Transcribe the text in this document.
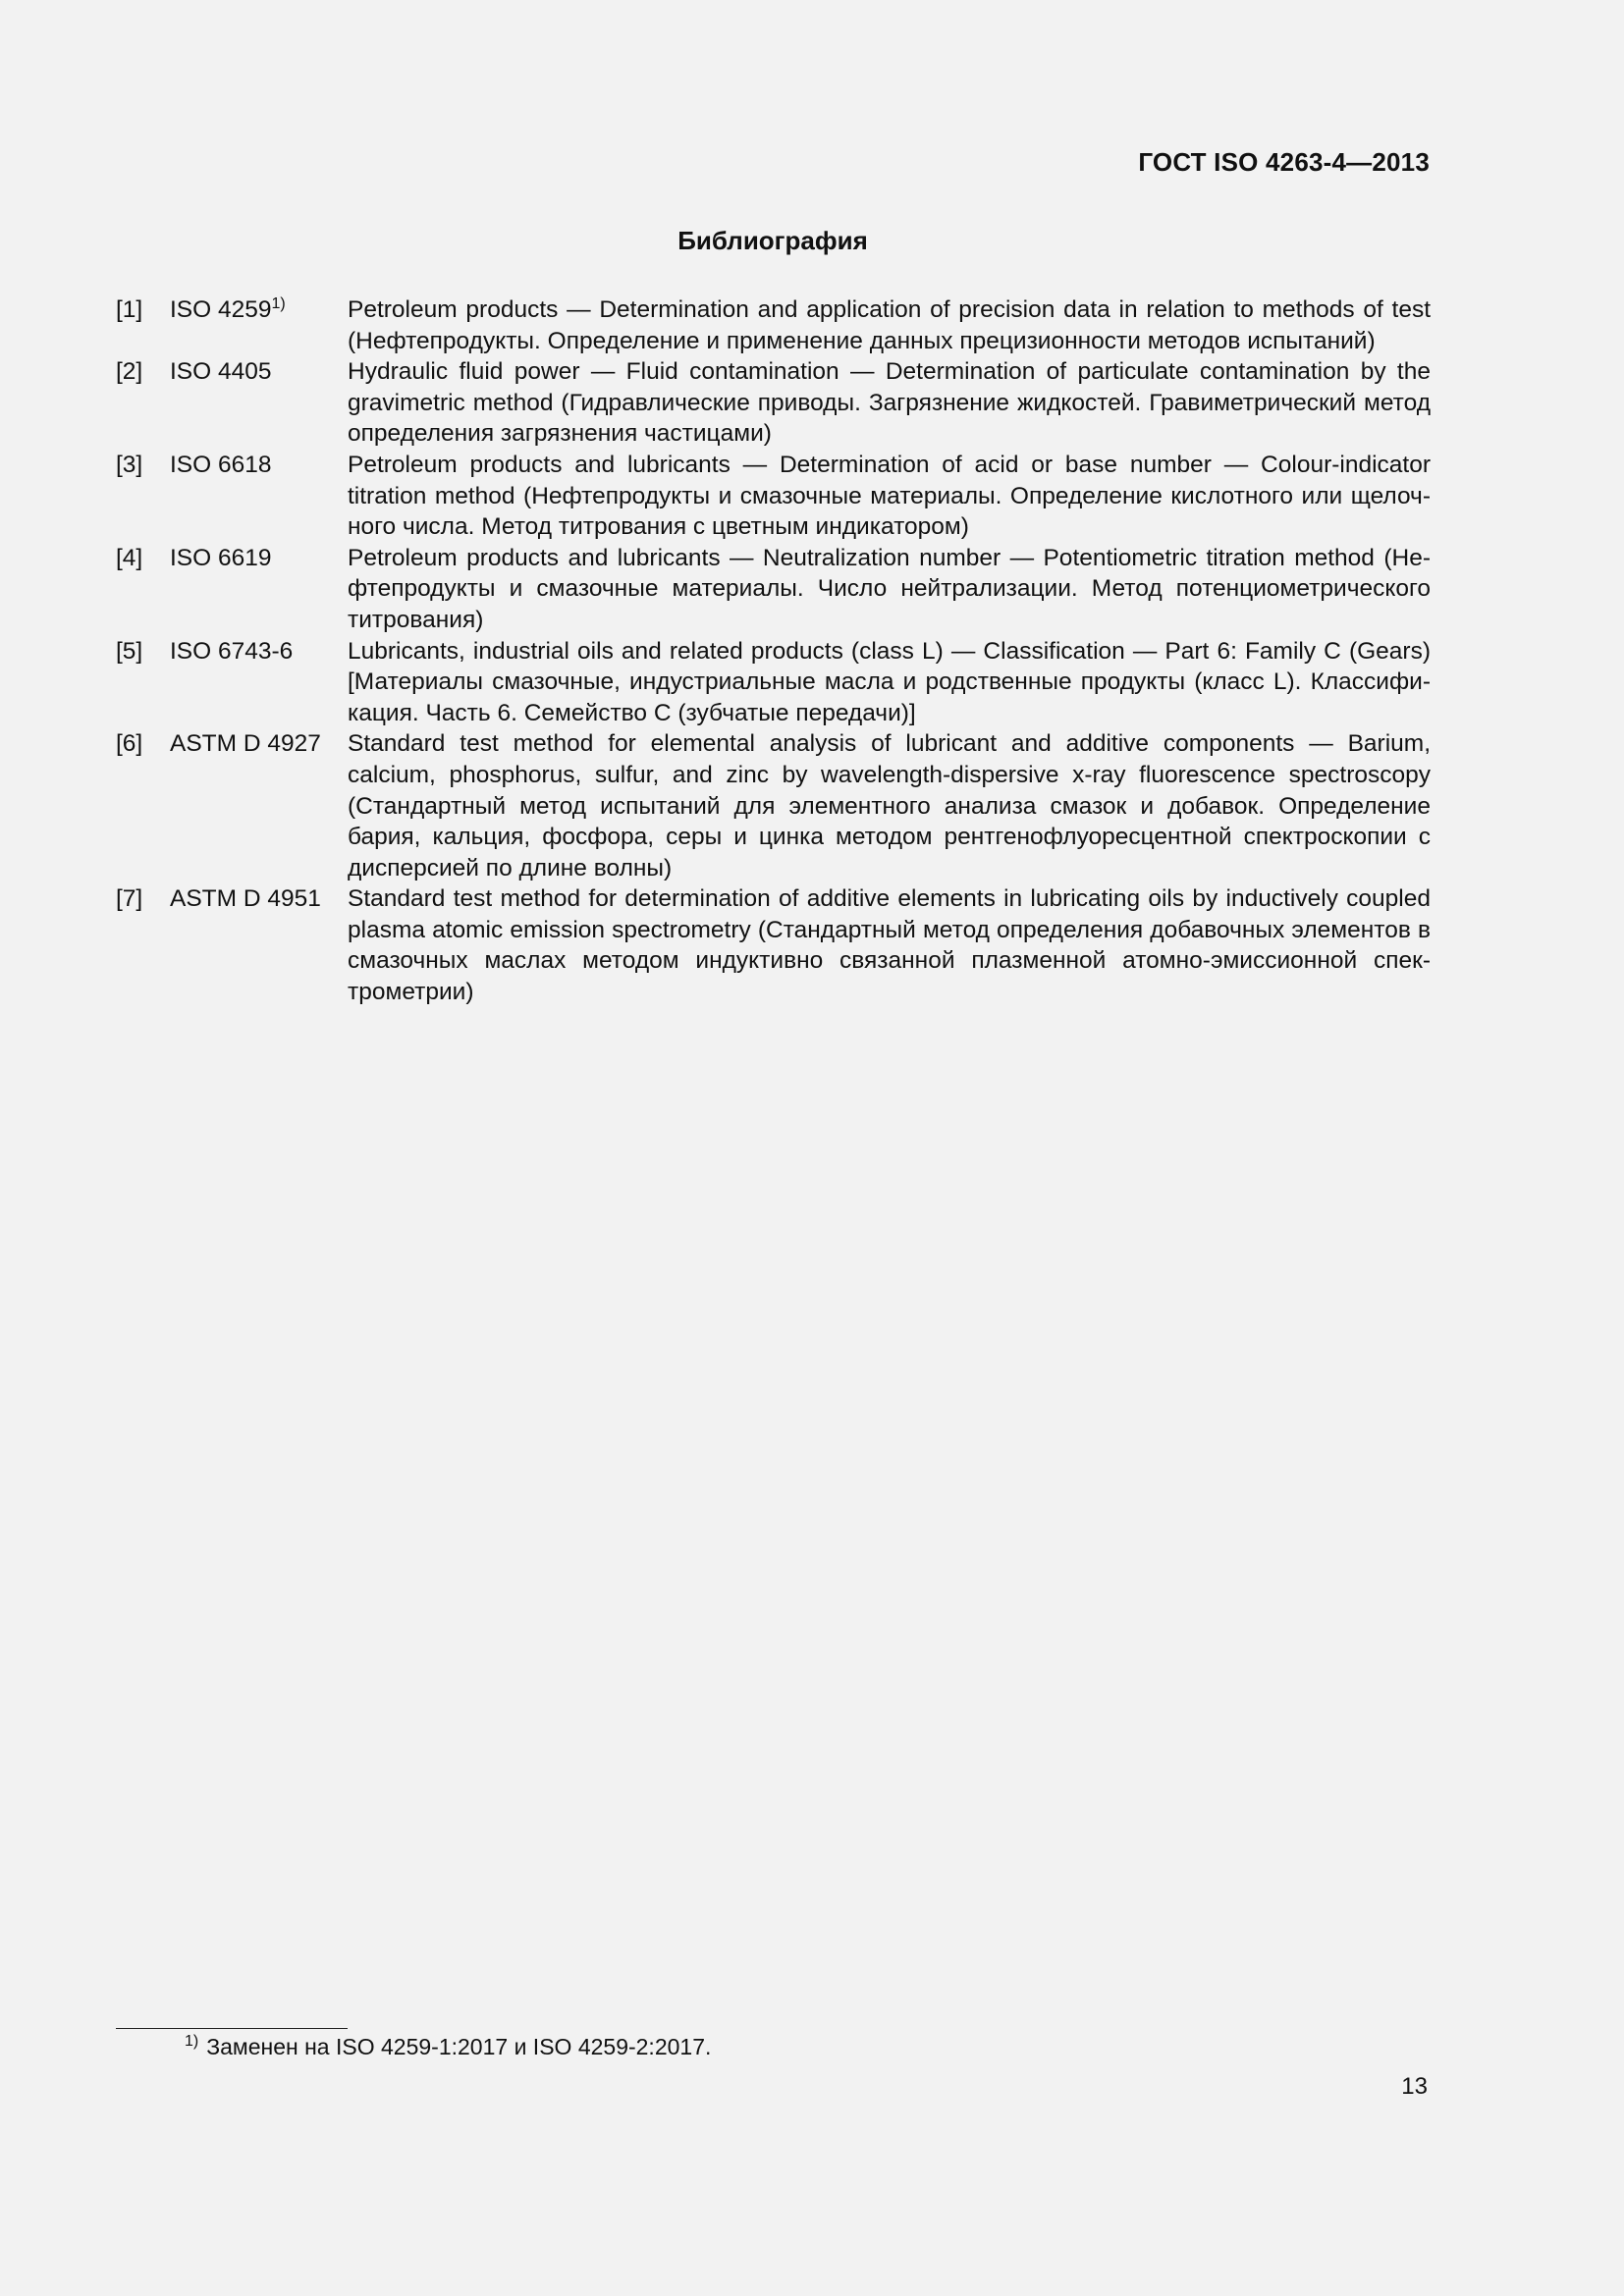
ГОСТ ISO 4263-4—2013
Библиография
[1]	ISO 4259$^{1)}$	Petroleum products — Determination and application of precision data in relation to methods of test (Нефтепродукты. Определение и применение данных прецизионности методов испытаний)
[2]	ISO 4405	Hydraulic fluid power — Fluid contamination — Determination of particulate contamination by the gravimetric method (Гидравлические приводы. Загрязнение жидкостей. Гравиметрический метод определения загрязнения частицами)
[3]	ISO 6618	Petroleum products and lubricants — Determination of acid or base number — Colour-indicator titration method (Нефтепродукты и смазочные материалы. Определение кислотного или щелочного числа. Метод титрования с цветным индикатором)
[4]	ISO 6619	Petroleum products and lubricants — Neutralization number — Potentiometric titration method (Нефтепродукты и смазочные материалы. Число нейтрализации. Метод потенциометрического титрования)
[5]	ISO 6743-6	Lubricants, industrial oils and related products (class L) — Classification — Part 6: Family C (Gears) [Материалы смазочные, индустриальные масла и родственные продукты (класс L). Классификация. Часть 6. Семейство С (зубчатые передачи)]
[6]	ASTM D 4927	Standard test method for elemental analysis of lubricant and additive components — Barium, calcium, phosphorus, sulfur, and zinc by wavelength-dispersive x-ray fluorescence spectroscopy (Стандартный метод испытаний для элементного анализа смазок и добавок. Определение бария, кальция, фосфора, серы и цинка методом рентгенофлуоресцентной спектроскопии с дисперсией по длине волны)
[7]	ASTM D 4951	Standard test method for determination of additive elements in lubricating oils by inductively coupled plasma atomic emission spectrometry (Стандартный метод определения добавочных элементов в смазочных маслах методом индуктивно связанной плазменной атомно-эмиссионной спектрометрии)
$^{1)}$ Заменен на ISO 4259-1:2017 и ISO 4259-2:2017.
13
